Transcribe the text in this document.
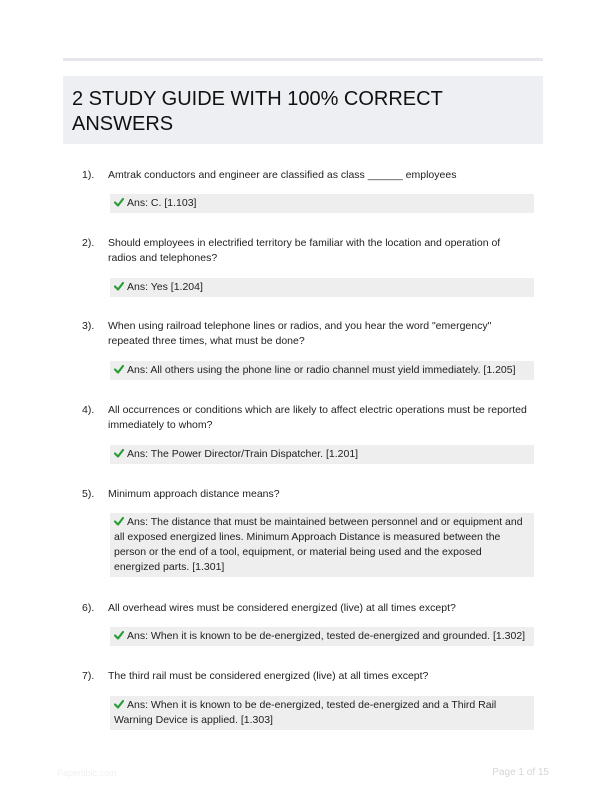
2 STUDY GUIDE WITH 100% CORRECT ANSWERS
1). Amtrak conductors and engineer are classified as class ______ employees
Ans: C. [1.103]
2). Should employees in electrified territory be familiar with the location and operation of radios and telephones?
Ans: Yes [1.204]
3). When using railroad telephone lines or radios, and you hear the word "emergency" repeated three times, what must be done?
Ans: All others using the phone line or radio channel must yield immediately. [1.205]
4). All occurrences or conditions which are likely to affect electric operations must be reported immediately to whom?
Ans: The Power Director/Train Dispatcher. [1.201]
5). Minimum approach distance means?
Ans: The distance that must be maintained between personnel and or equipment and all exposed energized lines. Minimum Approach Distance is measured between the person or the end of a tool, equipment, or material being used and the exposed energized parts. [1.301]
6). All overhead wires must be considered energized (live) at all times except?
Ans: When it is known to be de-energized, tested de-energized and grounded. [1.302]
7). The third rail must be considered energized (live) at all times except?
Ans: When it is known to be de-energized, tested de-energized and a Third Rail Warning Device is applied. [1.303]
Papertibic.com	Page 1 of 15
